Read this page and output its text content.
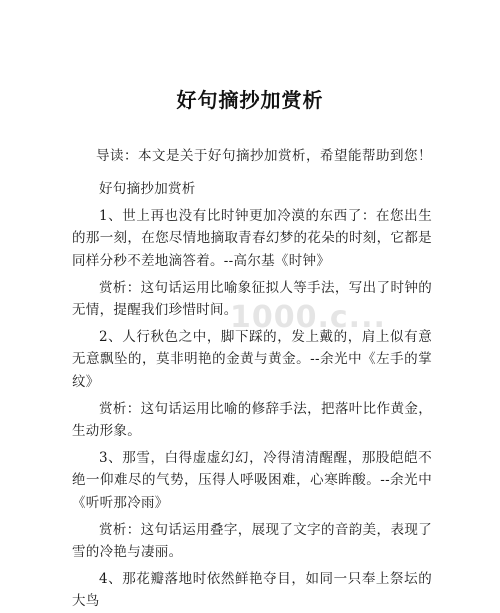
好句摘抄加赏析
导读：本文是关于好句摘抄加赏析，希望能帮助到您！

好句摘抄加赏析

1、世上再也没有比时钟更加冷漠的东西了：在您出生的那一刻，在您尽情地摘取青春幻梦的花朵的时刻，它都是同样分秒不差地滴答着。--高尔基《时钟》

赏析：这句话运用比喻象征拟人等手法，写出了时钟的无情，提醒我们珍惜时间。

2、人行秋色之中，脚下踩的，发上戴的，肩上似有意无意飘坠的，莫非明艳的金黄与黄金。--余光中《左手的掌纹》

赏析：这句话运用比喻的修辞手法，把落叶比作黄金，生动形象。

3、那雪，白得虚虚幻幻，冷得清清醒醒，那股皑皑不绝一仰难尽的气势，压得人呼吸困难，心寒眸酸。--余光中《听听那冷雨》

赏析：这句话运用叠字，展现了文字的音韵美，表现了雪的冷艳与凄丽。

4、那花瓣落地时依然鲜艳夺目，如同一只奉上祭坛的大鸟

1000.c...
